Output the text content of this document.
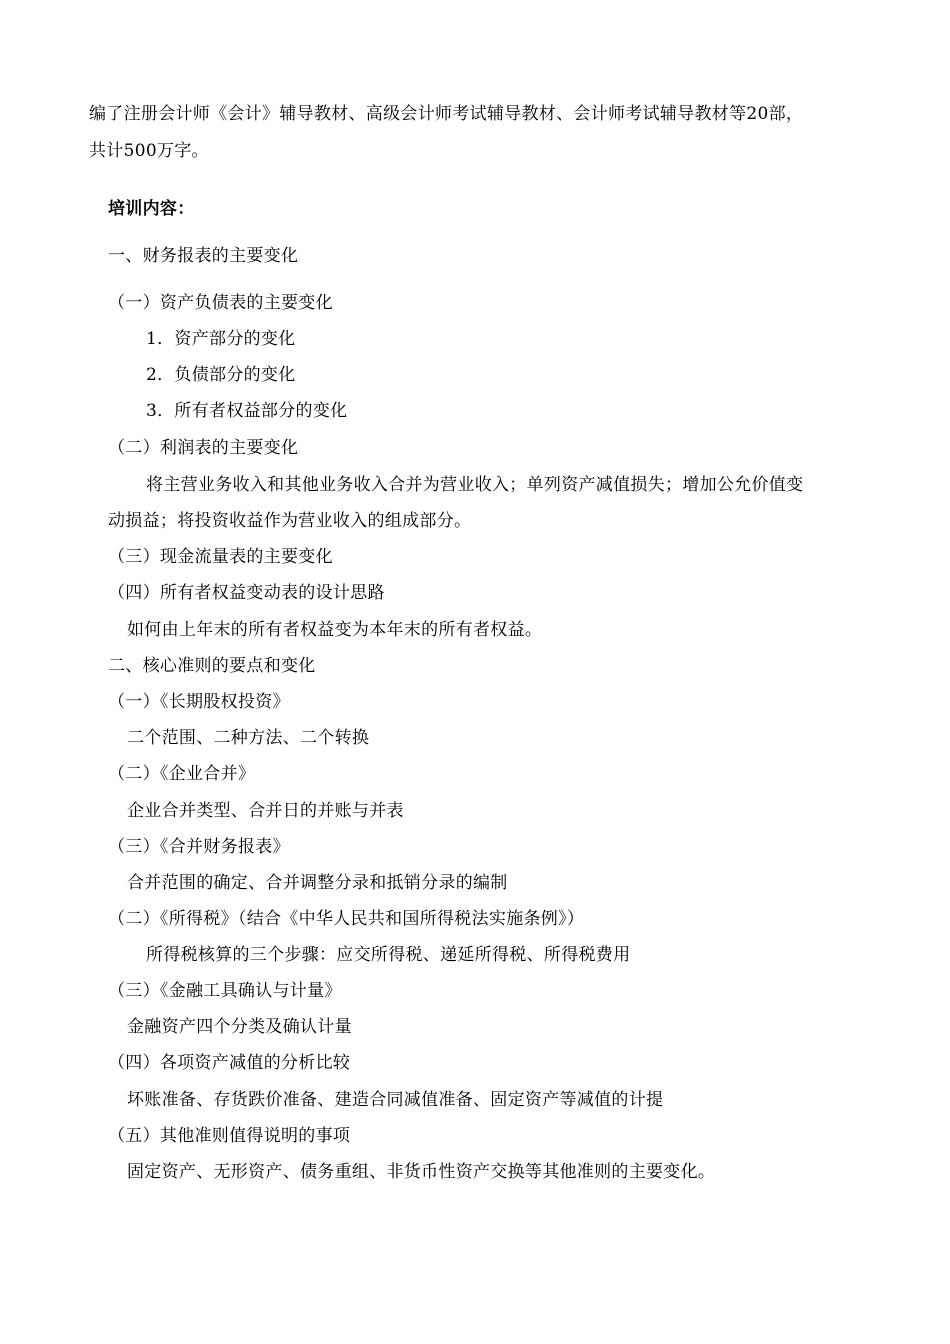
编了注册会计师《会计》辅导教材、高级会计师考试辅导教材、会计师考试辅导教材等20部，
共计500万字。
培训内容：
一、财务报表的主要变化
（一）资产负债表的主要变化
1．资产部分的变化
2．负债部分的变化
3．所有者权益部分的变化
（二）利润表的主要变化
将主营业务收入和其他业务收入合并为营业收入；单列资产减值损失；增加公允价值变
动损益；将投资收益作为营业收入的组成部分。
（三）现金流量表的主要变化
（四）所有者权益变动表的设计思路
如何由上年末的所有者权益变为本年末的所有者权益。
二、核心准则的要点和变化
（一）《长期股权投资》
二个范围、二种方法、二个转换
（二）《企业合并》
企业合并类型、合并日的并账与并表
（三）《合并财务报表》
合并范围的确定、合并调整分录和抵销分录的编制
（二）《所得税》（结合《中华人民共和国所得税法实施条例》）
所得税核算的三个步骤：应交所得税、递延所得税、所得税费用
（三）《金融工具确认与计量》
金融资产四个分类及确认计量
（四）各项资产减值的分析比较
坏账准备、存货跌价准备、建造合同减值准备、固定资产等减值的计提
（五）其他准则值得说明的事项
固定资产、无形资产、债务重组、非货币性资产交换等其他准则的主要变化。
